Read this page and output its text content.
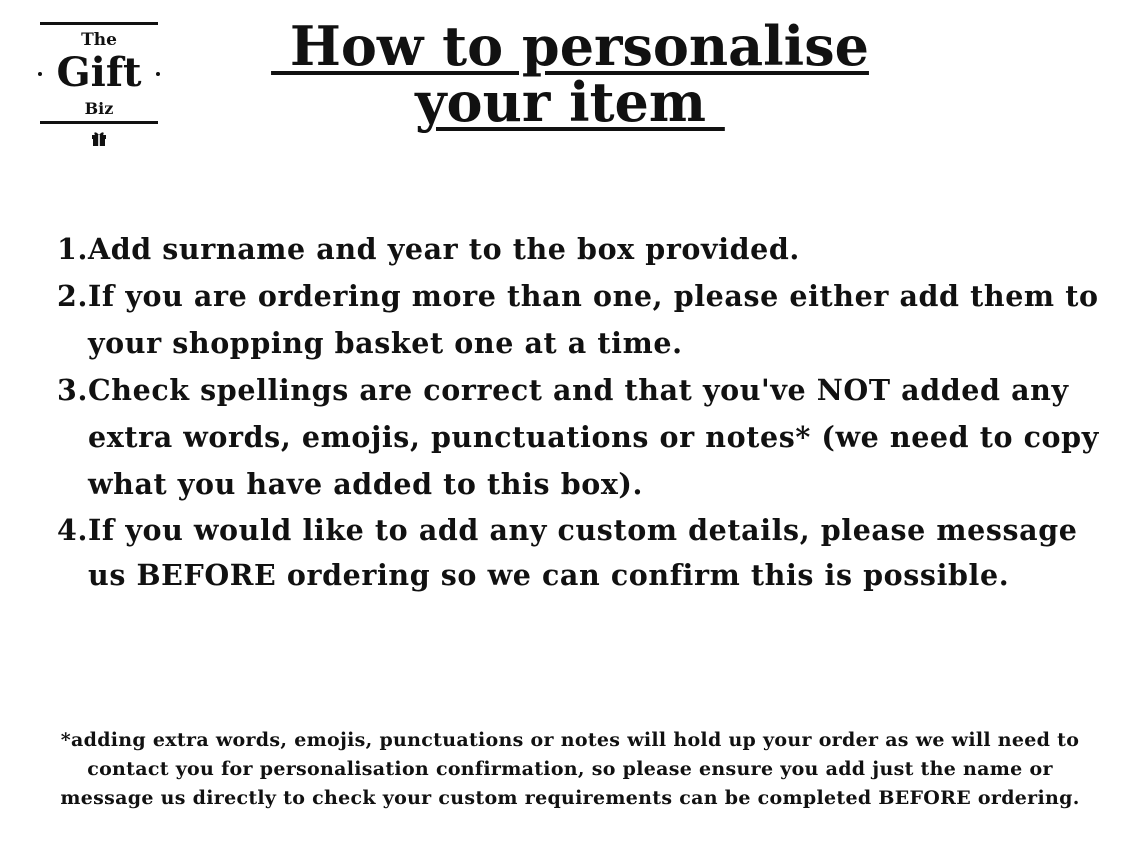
The
Gift
Biz
How to personalise
your item
1. Add surname and year to the box provided.
2. If you are ordering more than one, please either add them to your shopping basket one at a time.
3. Check spellings are correct and that you've NOT added any extra words, emojis, punctuations or notes* (we need to copy what you have added to this box).
4. If you would like to add any custom details, please message us BEFORE ordering so we can confirm this is possible.

*adding extra words, emojis, punctuations or notes will hold up your order as we will need to contact you for personalisation confirmation, so please ensure you add just the name or message us directly to check your custom requirements can be completed BEFORE ordering.
